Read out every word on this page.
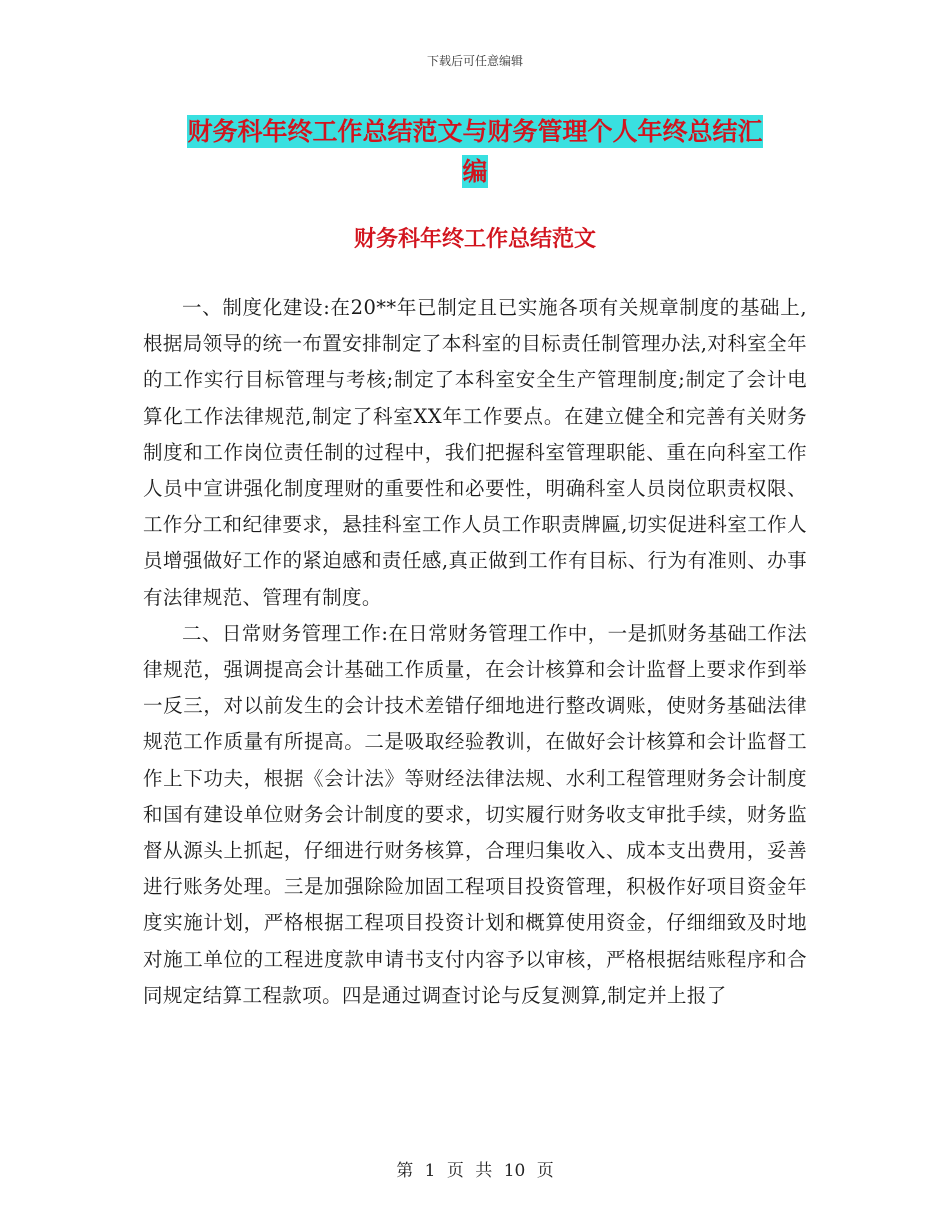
下载后可任意编辑
财务科年终工作总结范文与财务管理个人年终总结汇
编
财务科年终工作总结范文

一、制度化建设:在20**年已制定且已实施各项有关规章制度的基础上,根据局领导的统一布置安排制定了本科室的目标责任制管理办法,对科室全年的工作实行目标管理与考核;制定了本科室安全生产管理制度;制定了会计电算化工作法律规范,制定了科室XX年工作要点。在建立健全和完善有关财务制度和工作岗位责任制的过程中，我们把握科室管理职能、重在向科室工作人员中宣讲强化制度理财的重要性和必要性，明确科室人员岗位职责权限、工作分工和纪律要求，悬挂科室工作人员工作职责牌匾,切实促进科室工作人员增强做好工作的紧迫感和责任感,真正做到工作有目标、行为有准则、办事有法律规范、管理有制度。

二、日常财务管理工作:在日常财务管理工作中，一是抓财务基础工作法律规范，强调提高会计基础工作质量，在会计核算和会计监督上要求作到举一反三，对以前发生的会计技术差错仔细地进行整改调账，使财务基础法律规范工作质量有所提高。二是吸取经验教训，在做好会计核算和会计监督工作上下功夫，根据《会计法》等财经法律法规、水利工程管理财务会计制度和国有建设单位财务会计制度的要求，切实履行财务收支审批手续，财务监督从源头上抓起，仔细进行财务核算，合理归集收入、成本支出费用，妥善进行账务处理。三是加强除险加固工程项目投资管理，积极作好项目资金年度实施计划，严格根据工程项目投资计划和概算使用资金，仔细细致及时地对施工单位的工程进度款申请书支付内容予以审核，严格根据结账程序和合同规定结算工程款项。四是通过调查讨论与反复测算,制定并上报了

第 1 页 共 10 页
